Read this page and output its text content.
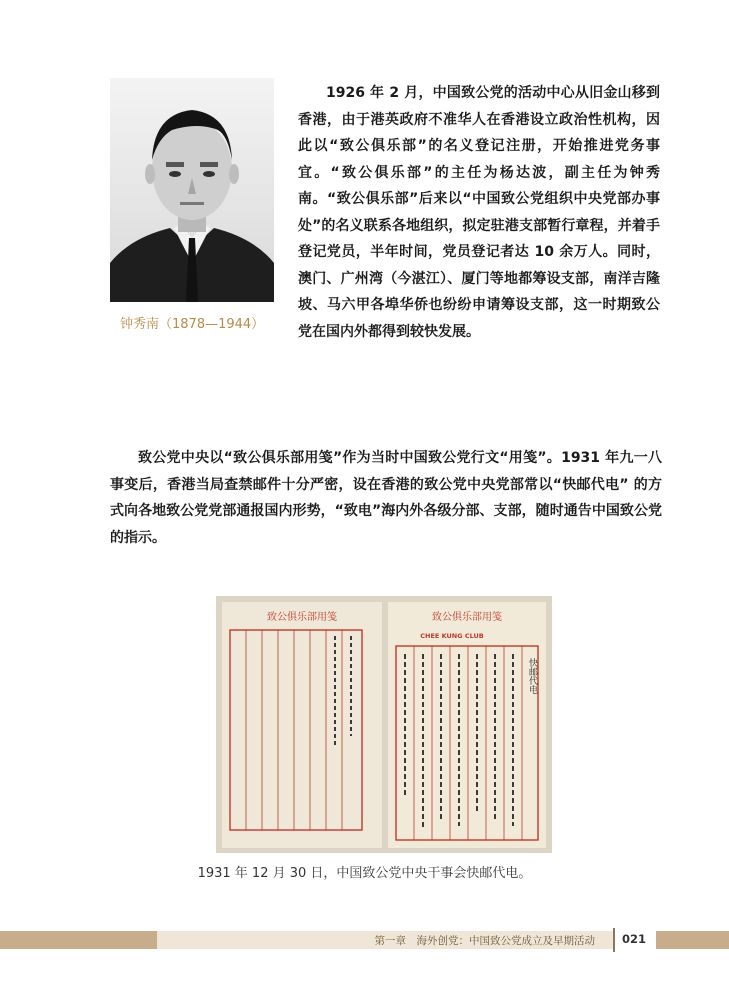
钟秀南（1878—1944）

1926 年 2 月，中国致公党的活动中心从旧金山移到香港，由于港英政府不准华人在香港设立政治性机构，因此以“致公俱乐部”的名义登记注册，开始推进党务事宜。“致公俱乐部”的主任为杨达波，副主任为钟秀南。“致公俱乐部”后来以“中国致公党组织中央党部办事处”的名义联系各地组织，拟定驻港支部暂行章程，并着手登记党员，半年时间，党员登记者达 10 余万人。同时，澳门、广州湾（今湛江）、厦门等地都筹设支部，南洋吉隆坡、马六甲各埠华侨也纷纷申请筹设支部，这一时期致公党在国内外都得到较快发展。

致公党中央以“致公俱乐部用笺”作为当时中国致公党行文“用笺”。1931 年九一八事变后，香港当局查禁邮件十分严密，设在香港的致公党中央党部常以“快邮代电” 的方式向各地致公党党部通报国内形势，“致电”海内外各级分部、支部，随时通告中国致公党的指示。

致公俱乐部用笺	致公俱乐部用笺
CHEE KUNG CLUB
快邮代电
1931 年 12 月 30 日，中国致公党中央干事会快邮代电。
第一章　海外创党：中国致公党成立及早期活动 021
